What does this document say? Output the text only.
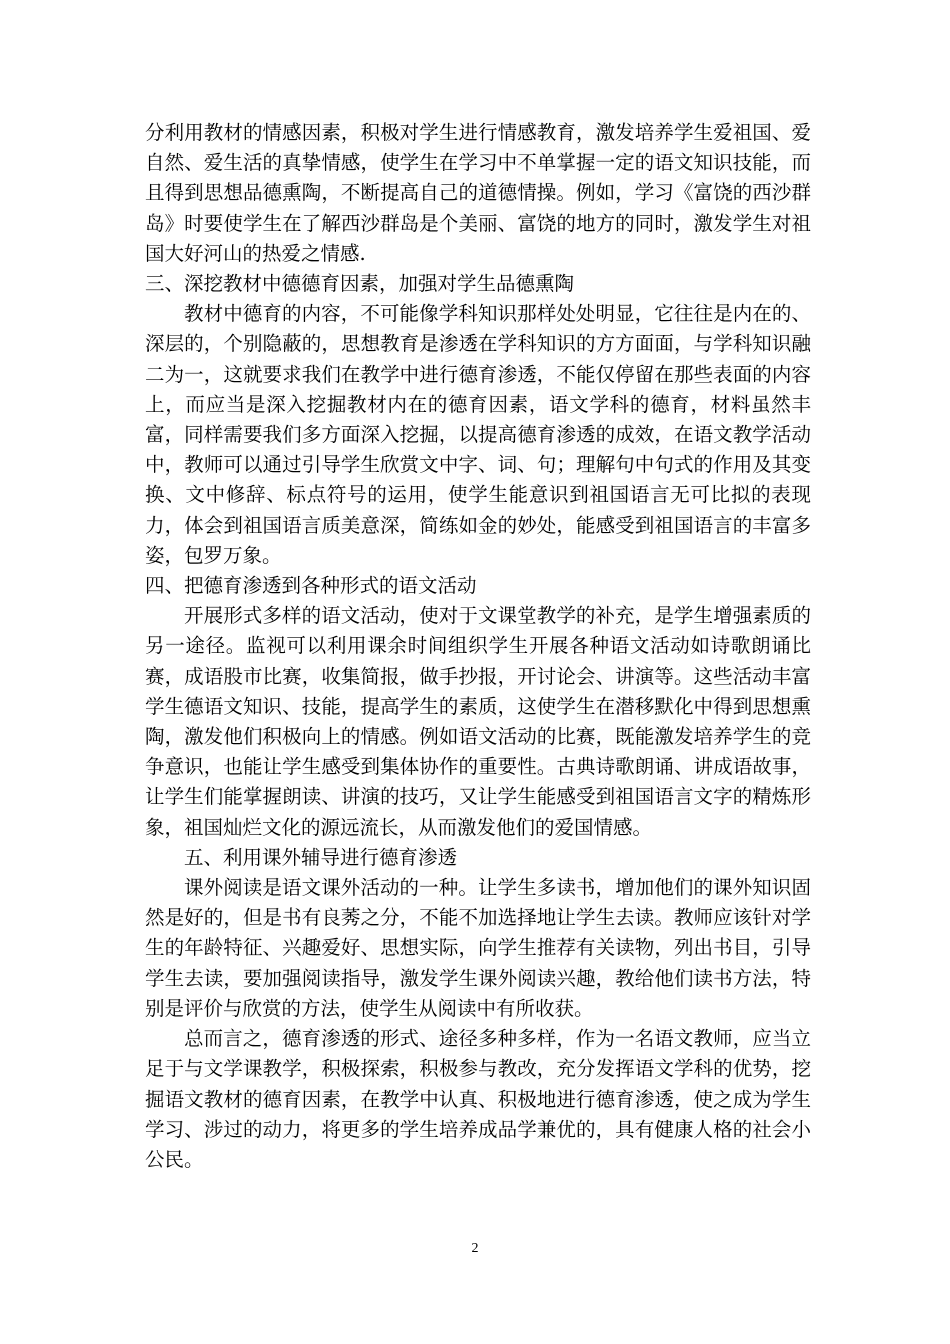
分利用教材的情感因素，积极对学生进行情感教育，激发培养学生爱祖国、爱自然、爱生活的真挚情感，使学生在学习中不单掌握一定的语文知识技能，而且得到思想品德熏陶，不断提高自己的道德情操。例如，学习《富饶的西沙群岛》时要使学生在了解西沙群岛是个美丽、富饶的地方的同时，激发学生对祖国大好河山的热爱之情感.

三、深挖教材中德德育因素，加强对学生品德熏陶

教材中德育的内容，不可能像学科知识那样处处明显，它往往是内在的、深层的，个别隐蔽的，思想教育是渗透在学科知识的方方面面，与学科知识融二为一，这就要求我们在教学中进行德育渗透，不能仅停留在那些表面的内容上，而应当是深入挖掘教材内在的德育因素，语文学科的德育，材料虽然丰富，同样需要我们多方面深入挖掘，以提高德育渗透的成效，在语文教学活动中，教师可以通过引导学生欣赏文中字、词、句；理解句中句式的作用及其变换、文中修辞、标点符号的运用，使学生能意识到祖国语言无可比拟的表现力，体会到祖国语言质美意深，简练如金的妙处，能感受到祖国语言的丰富多姿，包罗万象。

四、把德育渗透到各种形式的语文活动

开展形式多样的语文活动，使对于文课堂教学的补充，是学生增强素质的另一途径。监视可以利用课余时间组织学生开展各种语文活动如诗歌朗诵比赛，成语股市比赛，收集简报，做手抄报，开讨论会、讲演等。这些活动丰富学生德语文知识、技能，提高学生的素质，这使学生在潜移默化中得到思想熏陶，激发他们积极向上的情感。例如语文活动的比赛，既能激发培养学生的竞争意识，也能让学生感受到集体协作的重要性。古典诗歌朗诵、讲成语故事，让学生们能掌握朗读、讲演的技巧，又让学生能感受到祖国语言文字的精炼形象，祖国灿烂文化的源远流长，从而激发他们的爱国情感。

五、利用课外辅导进行德育渗透

课外阅读是语文课外活动的一种。让学生多读书，增加他们的课外知识固然是好的，但是书有良莠之分，不能不加选择地让学生去读。教师应该针对学生的年龄特征、兴趣爱好、思想实际，向学生推荐有关读物，列出书目，引导学生去读，要加强阅读指导，激发学生课外阅读兴趣，教给他们读书方法，特别是评价与欣赏的方法，使学生从阅读中有所收获。

总而言之，德育渗透的形式、途径多种多样，作为一名语文教师，应当立足于与文学课教学，积极探索，积极参与教改，充分发挥语文学科的优势，挖掘语文教材的德育因素，在教学中认真、积极地进行德育渗透，使之成为学生学习、涉过的动力，将更多的学生培养成品学兼优的，具有健康人格的社会小公民。

2
